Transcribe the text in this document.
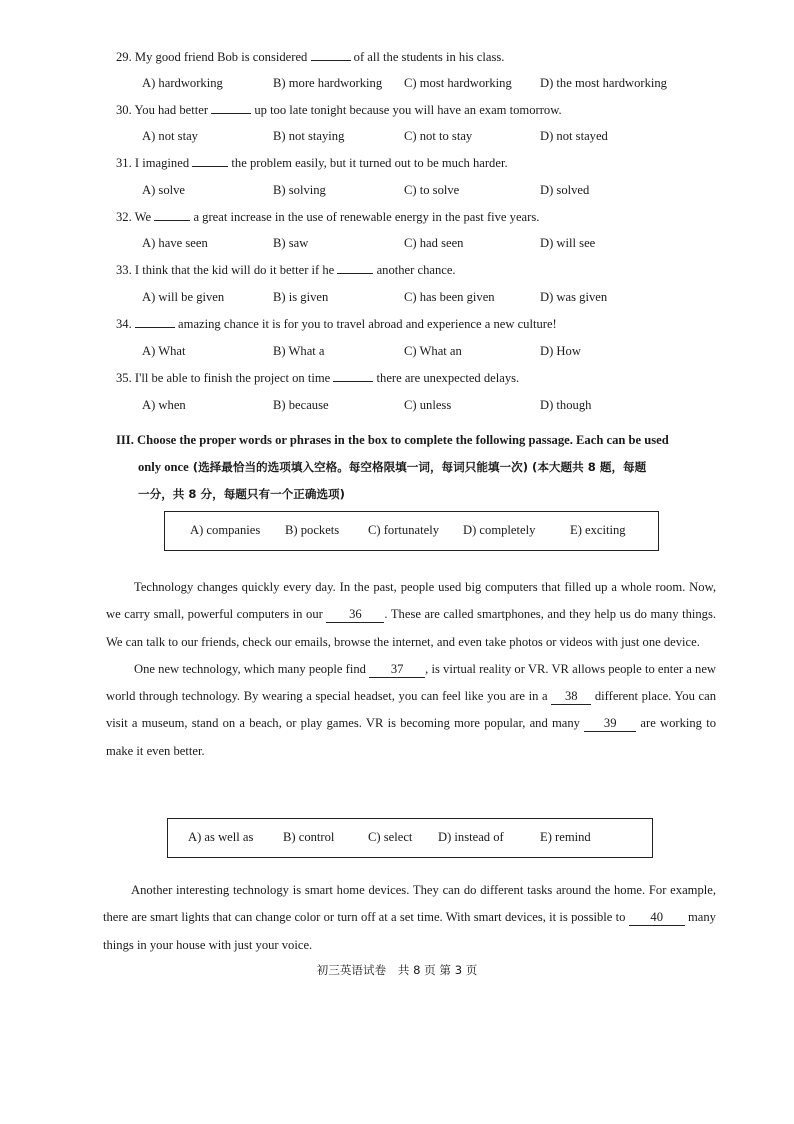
29. My good friend Bob is considered	of all the students in his class.
A) hardworking	B) more hardworking C) most hardworking D) the most hardworking
30. You had better	up too late tonight because you will have an exam tomorrow.
A) not stay	B) not staying	C) not to stay	D) not stayed
31. I imagined	the problem easily, but it turned out to be much harder.
A) solve	B) solving	C) to solve	D) solved
32. We	a great increase in the use of renewable energy in the past five years.
A) have seen	B) saw	C) had seen	D) will see
33. I think that the kid will do it better if he	another chance.
A) will be given	B) is given	C) has been given	D) was given
34.	amazing chance it is for you to travel abroad and experience a new culture!
A) What	B) What a	C) What an	D) How
35. I'll be able to finish the project on time	there are unexpected delays.
A) when	B) because	C) unless	D) though
III. Choose the proper words or phrases in the box to complete the following passage. Each can be used
only once (选择最恰当的选项填入空格。每空格限填一词，每词只能填一次) (本大题共 8 题，每题
一分，共 8 分，每题只有一个正确选项)
A) companies B) pockets C) fortunately D) completely	E) exciting

Technology changes quickly every day. In the past, people used big computers that filled up a whole room. Now, we carry small, powerful computers in our 36 . These are called smartphones, and they help us do many things. We can talk to our friends, check our emails, browse the internet, and even take photos or videos with just one device.

One new technology, which many people find 37 , is virtual reality or VR. VR allows people to enter a new world through technology. By wearing a special headset, you can feel like you are in a 38 different place. You can visit a museum, stand on a beach, or play games. VR is becoming more popular, and many 39 are working to make it even better.

A) as well as B) control	C) select D) instead of	E) remind

Another interesting technology is smart home devices. They can do different tasks around the home. For example, there are smart lights that can change color or turn off at a set time. With smart devices, it is possible to 40 many things in your house with just your voice.

初三英语试卷　共 8 页 第 3 页
